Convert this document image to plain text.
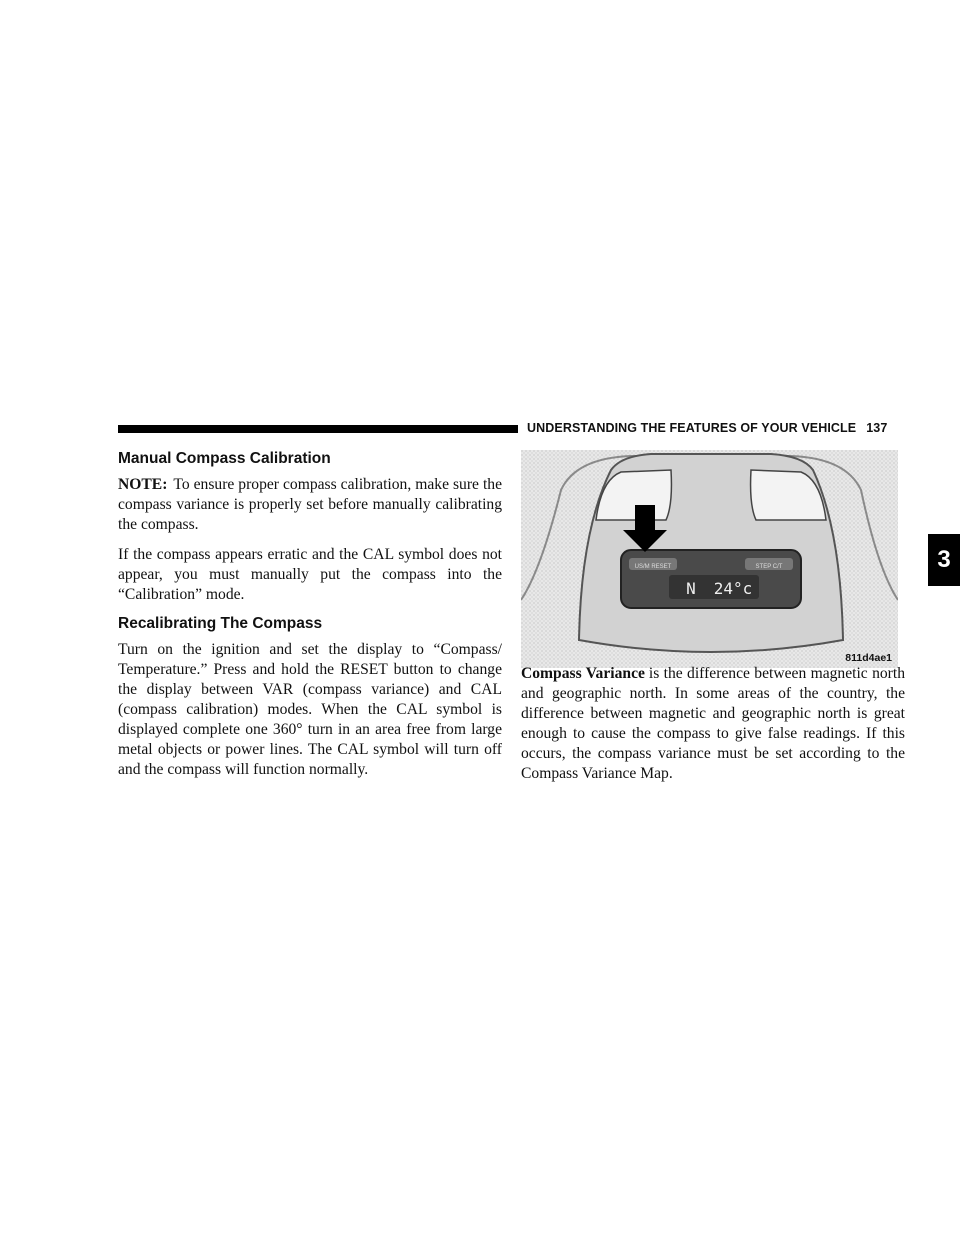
UNDERSTANDING THE FEATURES OF YOUR VEHICLE 137
3
Manual Compass Calibration

NOTE: To ensure proper compass calibration, make sure the compass variance is properly set before manually calibrating the compass.

If the compass appears erratic and the CAL symbol does not appear, you must manually put the compass into the “Calibration” mode.

Recalibrating The Compass

Turn on the ignition and set the display to “Compass/ Temperature.” Press and hold the RESET button to change the display between VAR (compass variance) and CAL (compass calibration) modes. When the CAL symbol is displayed complete one 360° turn in an area free from large metal objects or power lines. The CAL symbol will turn off and the compass will function normally.

US/M RESET	STEP C/T
N 24°c
811d4ae1

Compass Variance is the difference between magnetic north and geographic north. In some areas of the country, the difference between magnetic and geographic north is great enough to cause the compass to give false readings. If this occurs, the compass variance must be set according to the Compass Variance Map.
